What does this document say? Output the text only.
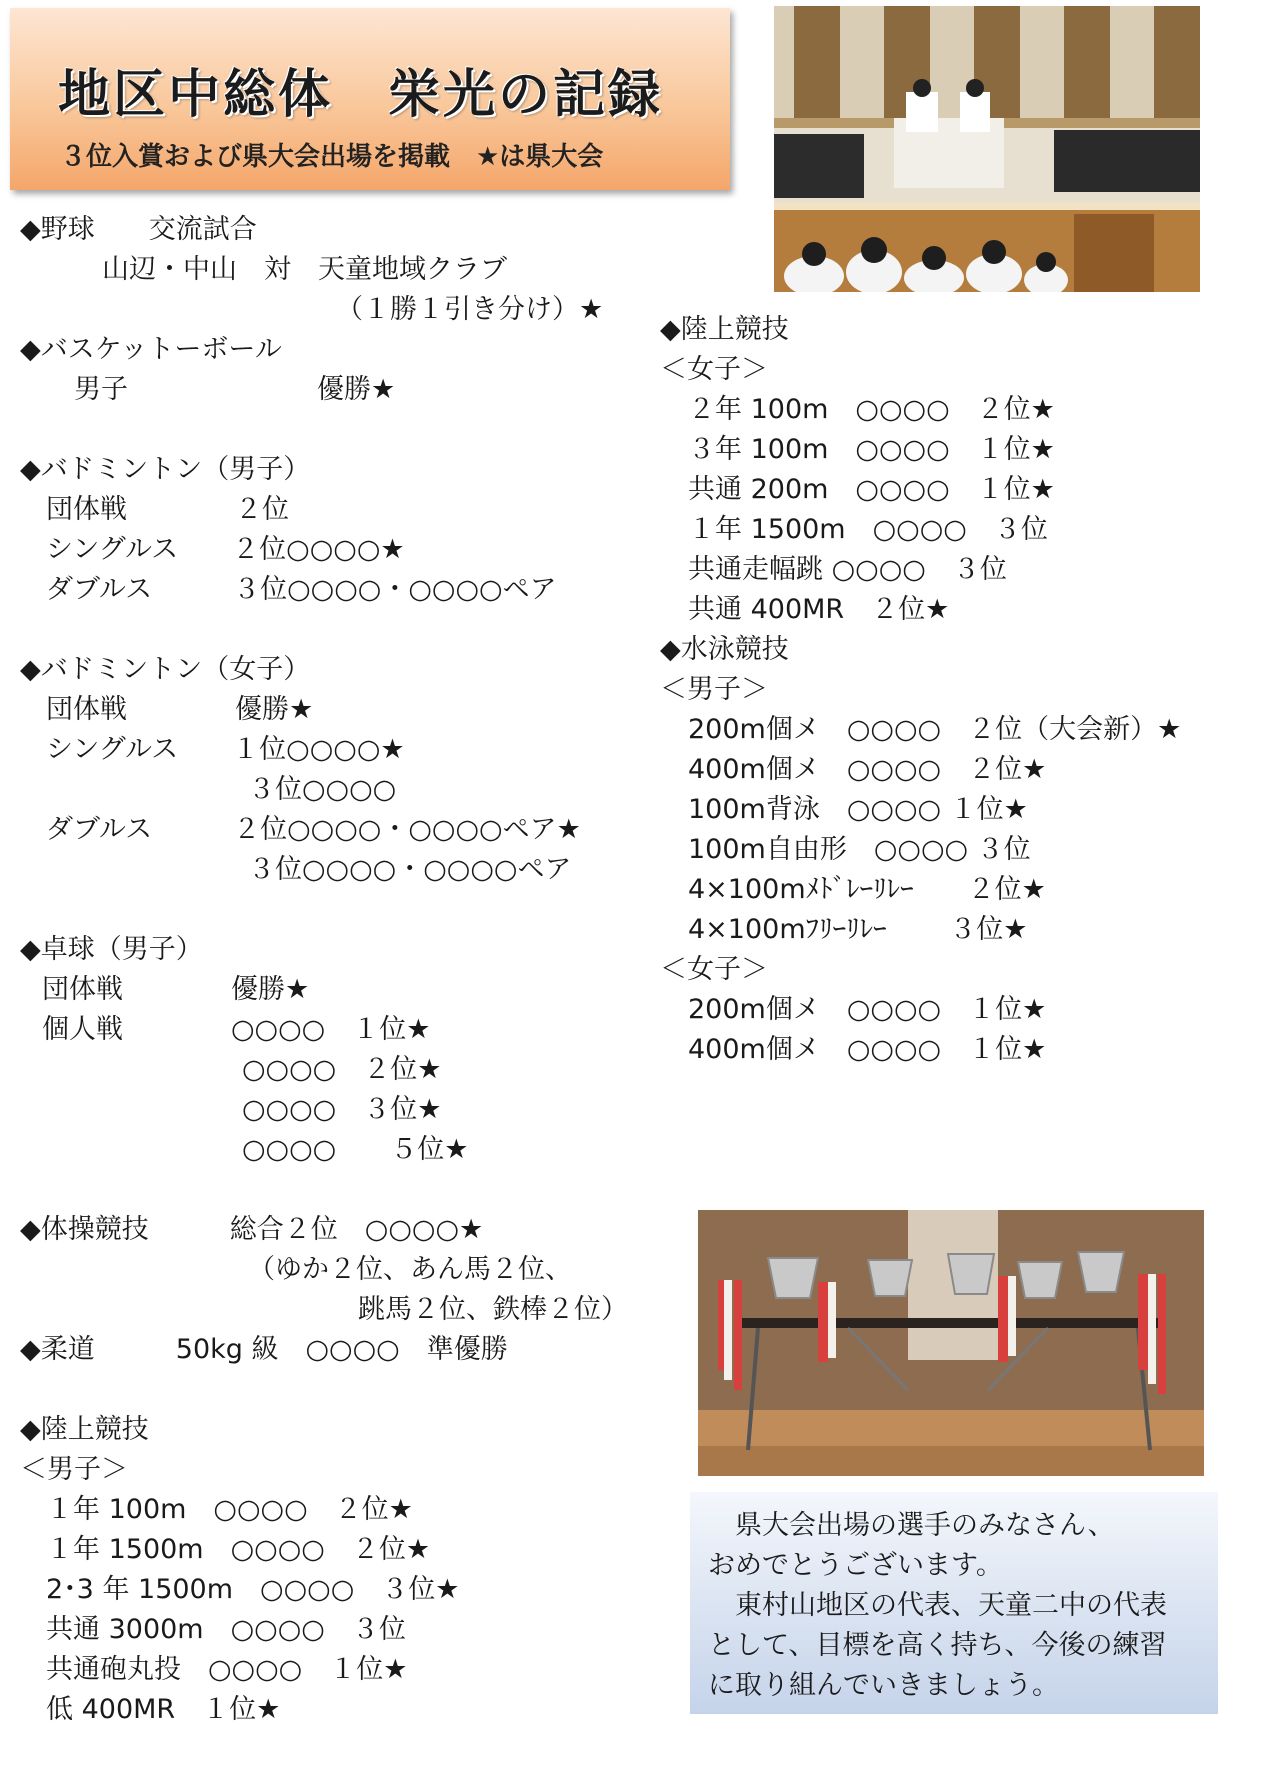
地区中総体　栄光の記録
３位入賞および県大会出場を掲載　★は県大会
◆野球　　交流試合
山辺・中山　対　天童地域クラブ
（１勝１引き分け）★
◆バスケットーボール
男子　　　　　　　優勝★
◆バドミントン（男子）
団体戦　　　　２位
シングルス　　２位○○○○★
ダブルス　　　３位○○○○・○○○○ペア
◆バドミントン（女子）
団体戦　　　　優勝★
シングルス　　１位○○○○★
３位○○○○
ダブルス　　　２位○○○○・○○○○ペア★
３位○○○○・○○○○ペア
◆卓球（男子）
団体戦　　　　優勝★
個人戦　　　　○○○○　１位★
○○○○　２位★
○○○○　３位★
○○○○　　５位★
◆体操競技　　　総合２位　○○○○★
（ゆか２位、あん馬２位、
跳馬２位、鉄棒２位）
◆柔道　　　50kg 級　○○○○　準優勝
◆陸上競技
＜男子＞
１年 100m　○○○○　２位★
１年 1500m　○○○○　２位★
2･3 年 1500m　○○○○　３位★
共通 3000m　○○○○　３位
共通砲丸投　○○○○　１位★
低 400MR　１位★
◆陸上競技
＜女子＞
２年 100m　○○○○　２位★
３年 100m　○○○○　１位★
共通 200m　○○○○　１位★
１年 1500m　○○○○　３位
共通走幅跳 ○○○○　３位
共通 400MR　２位★
◆水泳競技
＜男子＞
200m個メ　○○○○　２位（大会新）★
400m個メ　○○○○　２位★
100m背泳　○○○○ １位★
100m自由形　○○○○ ３位
4×100mﾒﾄﾞﾚｰﾘﾚｰ　　２位★
4×100mﾌﾘｰﾘﾚｰ　　 ３位★
＜女子＞
200m個メ　○○○○　１位★
400m個メ　○○○○　１位★
　県大会出場の選手のみなさん、
おめでとうございます。
　東村山地区の代表、天童二中の代表
として、目標を高く持ち、今後の練習
に取り組んでいきましょう。
